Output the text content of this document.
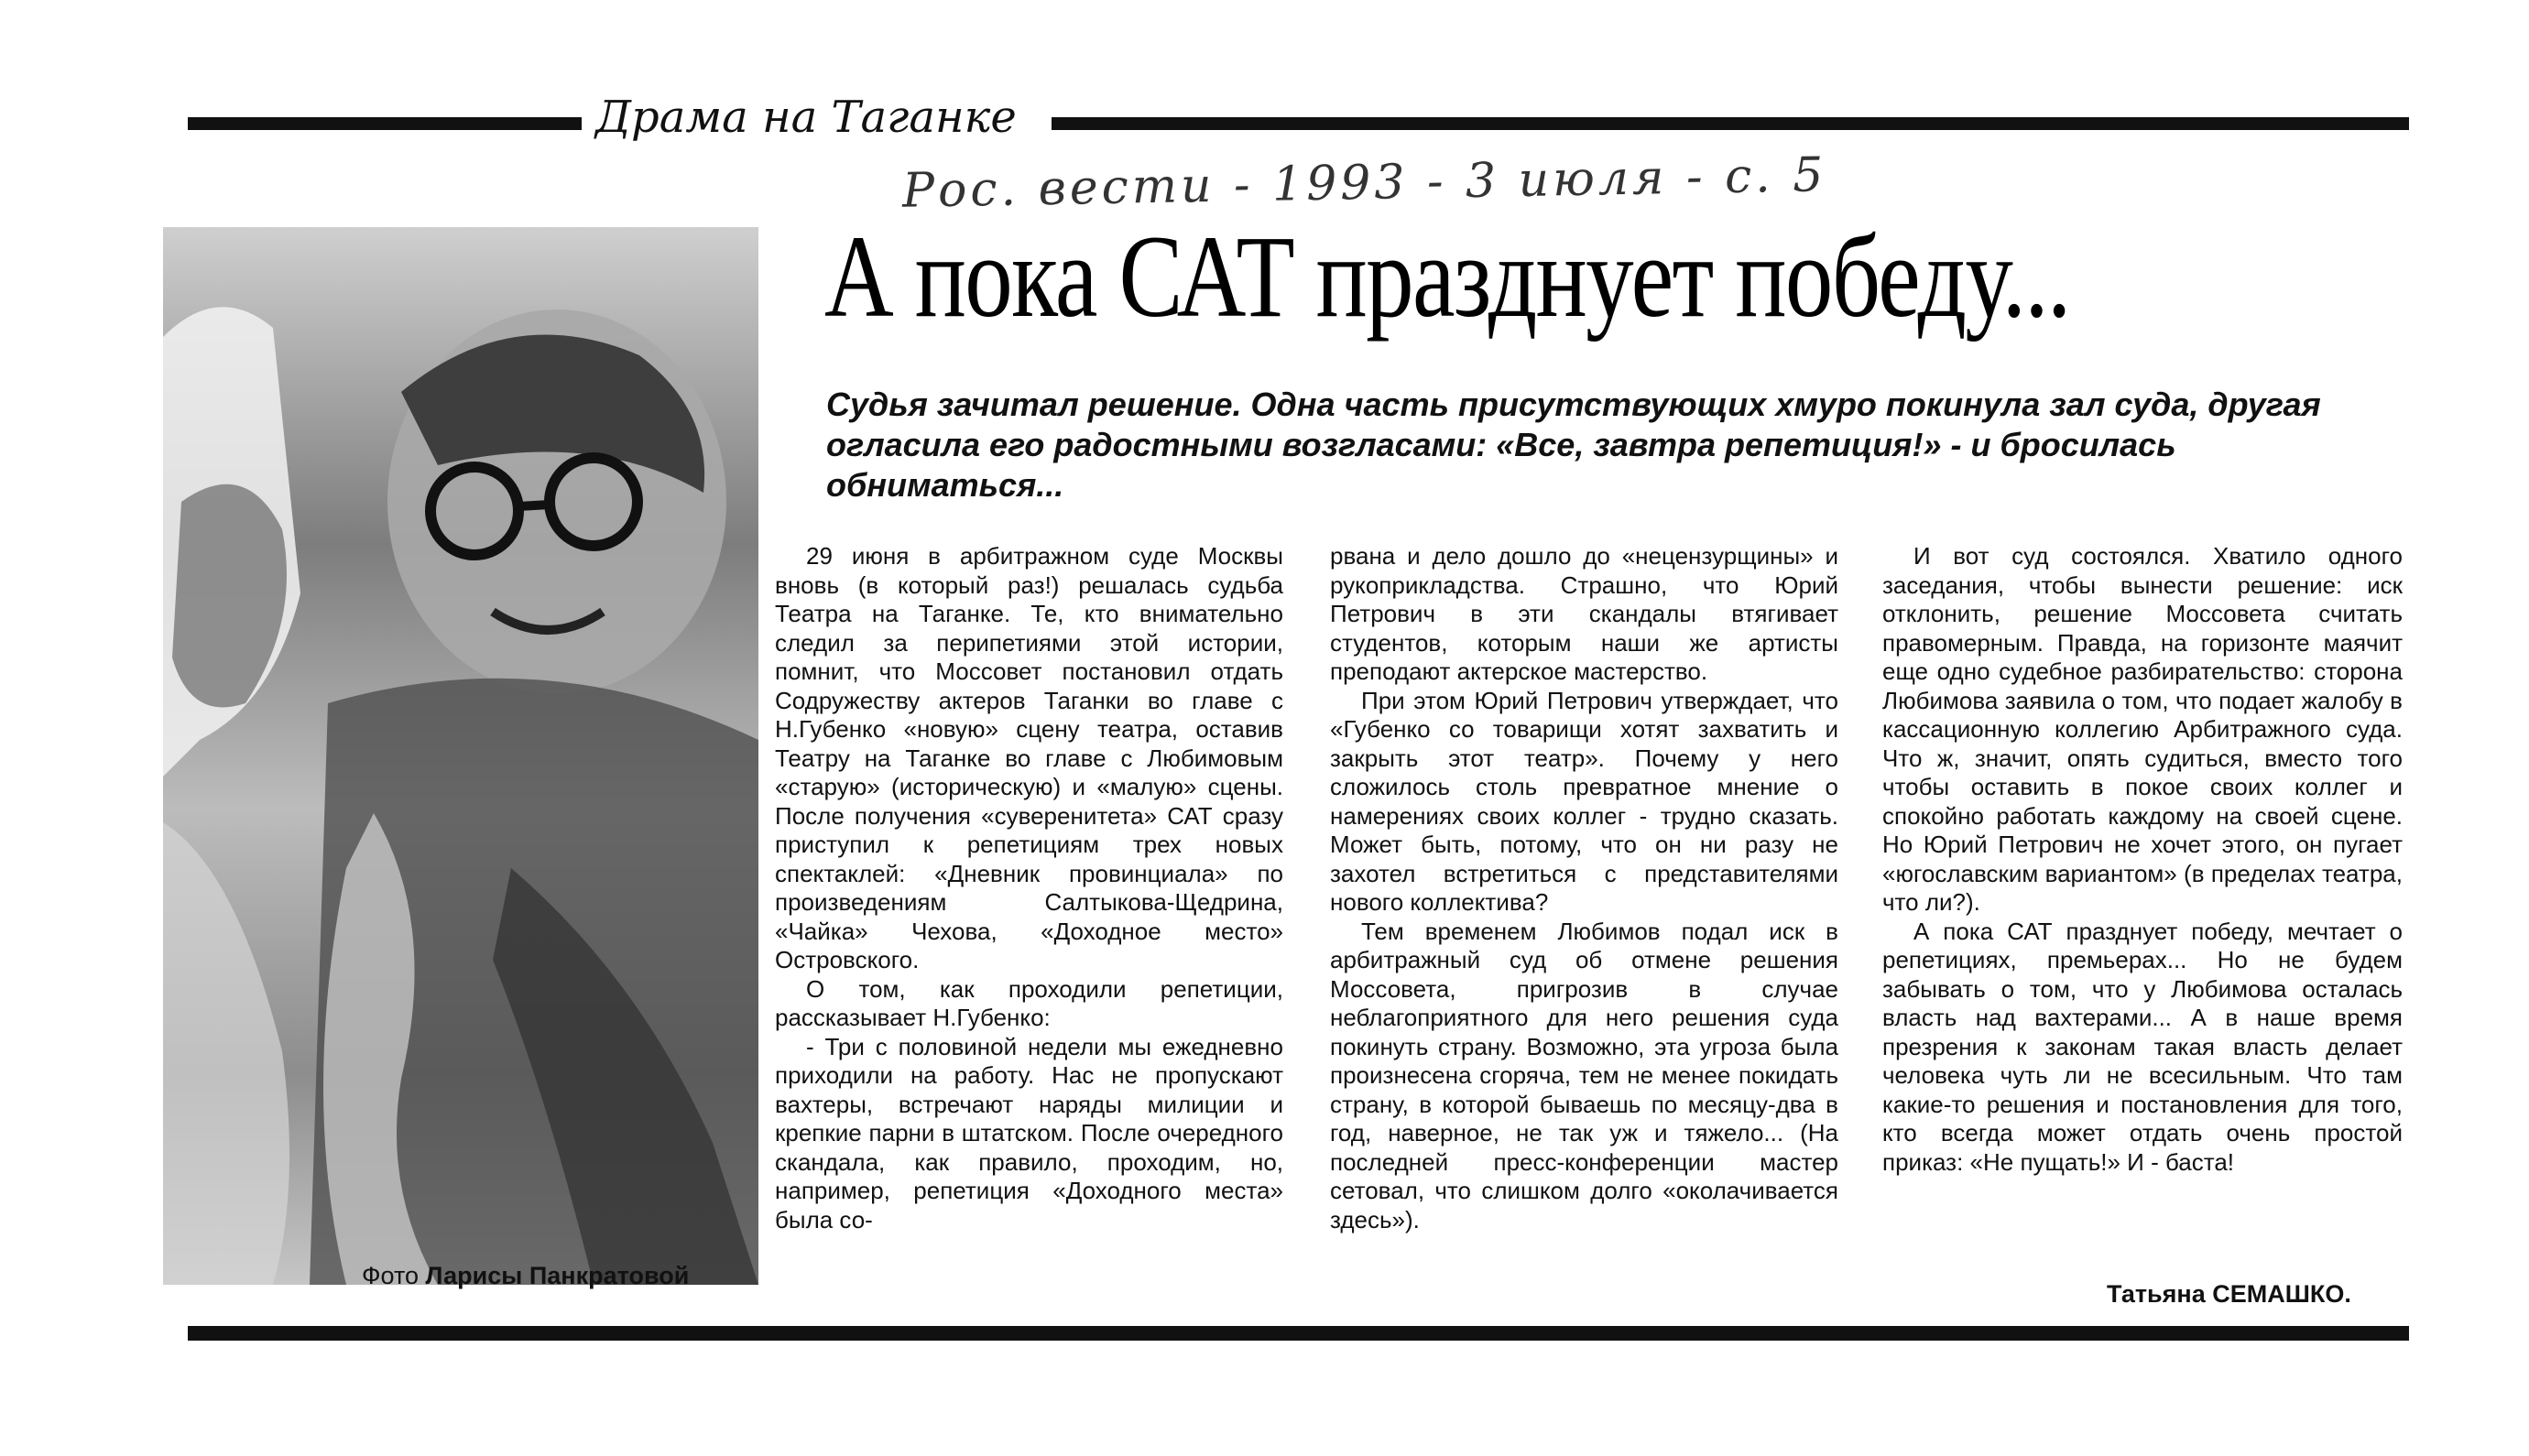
Драма на Таганке
Рос. вести - 1993 - 3 июля - с. 5
А пока САТ празднует победу...
Судья зачитал решение. Одна часть присутствующих хмуро покинула зал суда, другая огласила его радостными возгласами: «Все, завтра репетиция!» - и бросилась обниматься...
Фото Ларисы Панкратовой

29 июня в арбитражном суде Москвы вновь (в который раз!) решалась судьба Театра на Таганке. Те, кто внимательно следил за перипетиями этой истории, помнит, что Моссовет постановил отдать Содружеству актеров Таганки во главе с Н.Губенко «новую» сцену театра, оставив Театру на Таганке во главе с Любимовым «старую» (историческую) и «малую» сцены. После получения «суверенитета» САТ сразу приступил к репетициям трех новых спектаклей: «Дневник провинциала» по произведениям Салтыкова-Щедрина, «Чайка» Чехова, «Доходное место» Островского.

О том, как проходили репетиции, рассказывает Н.Губенко:

- Три с половиной недели мы ежедневно приходили на работу. Нас не пропускают вахтеры, встречают наряды милиции и крепкие парни в штатском. После очередного скандала, как правило, проходим, но, например, репетиция «Доходного места» была со-

рвана и дело дошло до «нецензурщины» и рукоприкладства. Страшно, что Юрий Петрович в эти скандалы втягивает студентов, которым наши же артисты преподают актерское мастерство.

При этом Юрий Петрович утверждает, что «Губенко со товарищи хотят захватить и закрыть этот театр». Почему у него сложилось столь превратное мнение о намерениях своих коллег - трудно сказать. Может быть, потому, что он ни разу не захотел встретиться с представителями нового коллектива?

Тем временем Любимов подал иск в арбитражный суд об отмене решения Моссовета, пригрозив в случае неблагоприятного для него решения суда покинуть страну. Возможно, эта угроза была произнесена сгоряча, тем не менее покидать страну, в которой бываешь по месяцу-два в год, наверное, не так уж и тяжело... (На последней пресс-конференции мастер сетовал, что слишком долго «околачивается здесь»).

И вот суд состоялся. Хватило одного заседания, чтобы вынести решение: иск отклонить, решение Моссовета считать правомерным. Правда, на горизонте маячит еще одно судебное разбирательство: сторона Любимова заявила о том, что подает жалобу в кассационную коллегию Арбитражного суда. Что ж, значит, опять судиться, вместо того чтобы оставить в покое своих коллег и спокойно работать каждому на своей сцене. Но Юрий Петрович не хочет этого, он пугает «югославским вариантом» (в пределах театра, что ли?).

А пока САТ празднует победу, мечтает о репетициях, премьерах... Но не будем забывать о том, что у Любимова осталась власть над вахтерами... А в наше время презрения к законам такая власть делает человека чуть ли не всесильным. Что там какие-то решения и постановления для того, кто всегда может отдать очень простой приказ: «Не пущать!» И - баста!

Татьяна СЕМАШКО.
